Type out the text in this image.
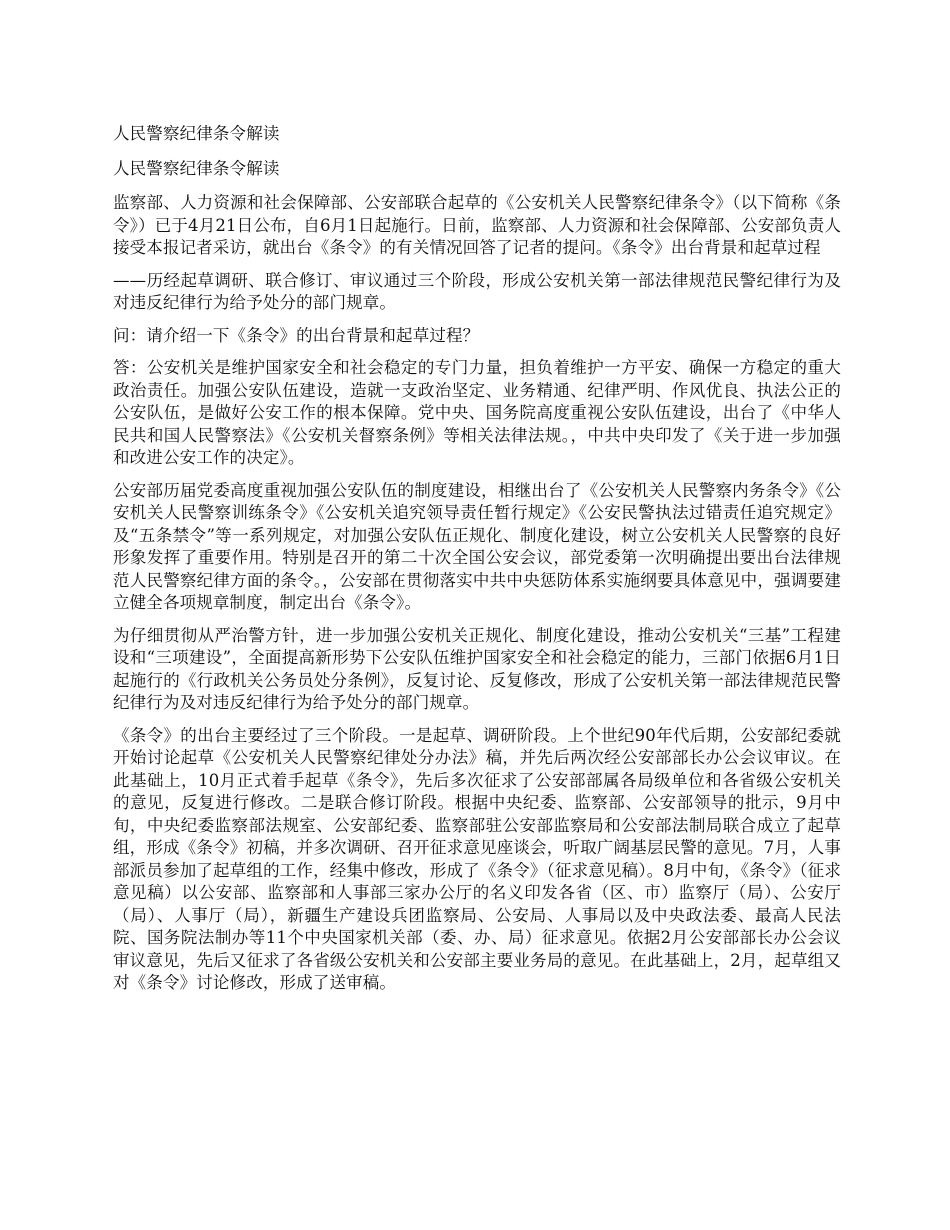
人民警察纪律条令解读

人民警察纪律条令解读

监察部、人力资源和社会保障部、公安部联合起草的《公安机关人民警察纪律条令》（以下简称《条令》）已于4月21日公布，自6月1日起施行。日前，监察部、人力资源和社会保障部、公安部负责人接受本报记者采访，就出台《条令》的有关情况回答了记者的提问。《条令》出台背景和起草过程

——历经起草调研、联合修订、审议通过三个阶段，形成公安机关第一部法律规范民警纪律行为及对违反纪律行为给予处分的部门规章。

问：请介绍一下《条令》的出台背景和起草过程？

答：公安机关是维护国家安全和社会稳定的专门力量，担负着维护一方平安、确保一方稳定的重大政治责任。加强公安队伍建设，造就一支政治坚定、业务精通、纪律严明、作风优良、执法公正的公安队伍，是做好公安工作的根本保障。党中央、国务院高度重视公安队伍建设，出台了《中华人民共和国人民警察法》《公安机关督察条例》等相关法律法规。，中共中央印发了《关于进一步加强和改进公安工作的决定》。

公安部历届党委高度重视加强公安队伍的制度建设，相继出台了《公安机关人民警察内务条令》《公安机关人民警察训练条令》《公安机关追究领导责任暂行规定》《公安民警执法过错责任追究规定》及“五条禁令”等一系列规定，对加强公安队伍正规化、制度化建设，树立公安机关人民警察的良好形象发挥了重要作用。特别是召开的第二十次全国公安会议，部党委第一次明确提出要出台法律规范人民警察纪律方面的条令。，公安部在贯彻落实中共中央惩防体系实施纲要具体意见中，强调要建立健全各项规章制度，制定出台《条令》。

为仔细贯彻从严治警方针，进一步加强公安机关正规化、制度化建设，推动公安机关“三基”工程建设和“三项建设”，全面提高新形势下公安队伍维护国家安全和社会稳定的能力，三部门依据6月1日起施行的《行政机关公务员处分条例》，反复讨论、反复修改，形成了公安机关第一部法律规范民警纪律行为及对违反纪律行为给予处分的部门规章。

《条令》的出台主要经过了三个阶段。一是起草、调研阶段。上个世纪90年代后期，公安部纪委就开始讨论起草《公安机关人民警察纪律处分办法》稿，并先后两次经公安部部长办公会议审议。在此基础上，10月正式着手起草《条令》，先后多次征求了公安部部属各局级单位和各省级公安机关的意见，反复进行修改。二是联合修订阶段。根据中央纪委、监察部、公安部领导的批示，9月中旬，中央纪委监察部法规室、公安部纪委、监察部驻公安部监察局和公安部法制局联合成立了起草组，形成《条令》初稿，并多次调研、召开征求意见座谈会，听取广阔基层民警的意见。7月，人事部派员参加了起草组的工作，经集中修改，形成了《条令》（征求意见稿）。8月中旬，《条令》（征求意见稿）以公安部、监察部和人事部三家办公厅的名义印发各省（区、市）监察厅（局）、公安厅（局）、人事厅（局），新疆生产建设兵团监察局、公安局、人事局以及中央政法委、最高人民法院、国务院法制办等11个中央国家机关部（委、办、局）征求意见。依据2月公安部部长办公会议审议意见，先后又征求了各省级公安机关和公安部主要业务局的意见。在此基础上，2月，起草组又对《条令》讨论修改，形成了送审稿。
